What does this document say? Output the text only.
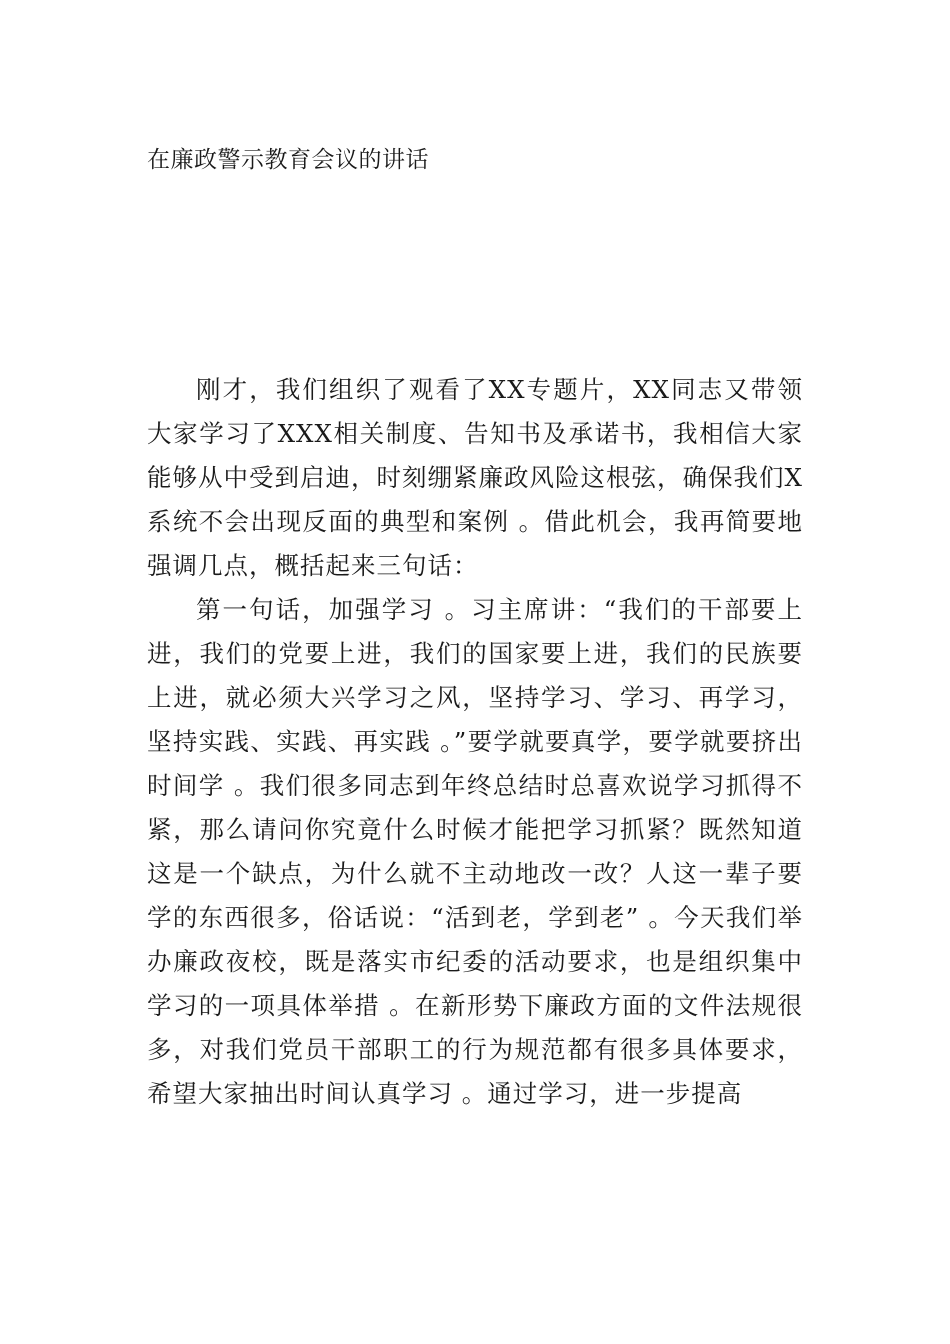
在廉政警示教育会议的讲话

刚才，我们组织了观看了XX专题片，XX同志又带领大家学习了XXX相关制度、告知书及承诺书，我相信大家能够从中受到启迪，时刻绷紧廉政风险这根弦，确保我们X系统不会出现反面的典型和案例 。借此机会，我再简要地强调几点，概括起来三句话：

第一句话，加强学习 。习主席讲：“我们的干部要上进，我们的党要上进，我们的国家要上进，我们的民族要上进，就必须大兴学习之风，坚持学习、学习、再学习，坚持实践、实践、再实践 。”要学就要真学，要学就要挤出时间学 。我们很多同志到年终总结时总喜欢说学习抓得不紧，那么请问你究竟什么时候才能把学习抓紧？既然知道这是一个缺点，为什么就不主动地改一改？人这一辈子要学的东西很多，俗话说：“活到老，学到老” 。今天我们举办廉政夜校，既是落实市纪委的活动要求，也是组织集中学习的一项具体举措 。在新形势下廉政方面的文件法规很多，对我们党员干部职工的行为规范都有很多具体要求，希望大家抽出时间认真学习 。通过学习，进一步提高
